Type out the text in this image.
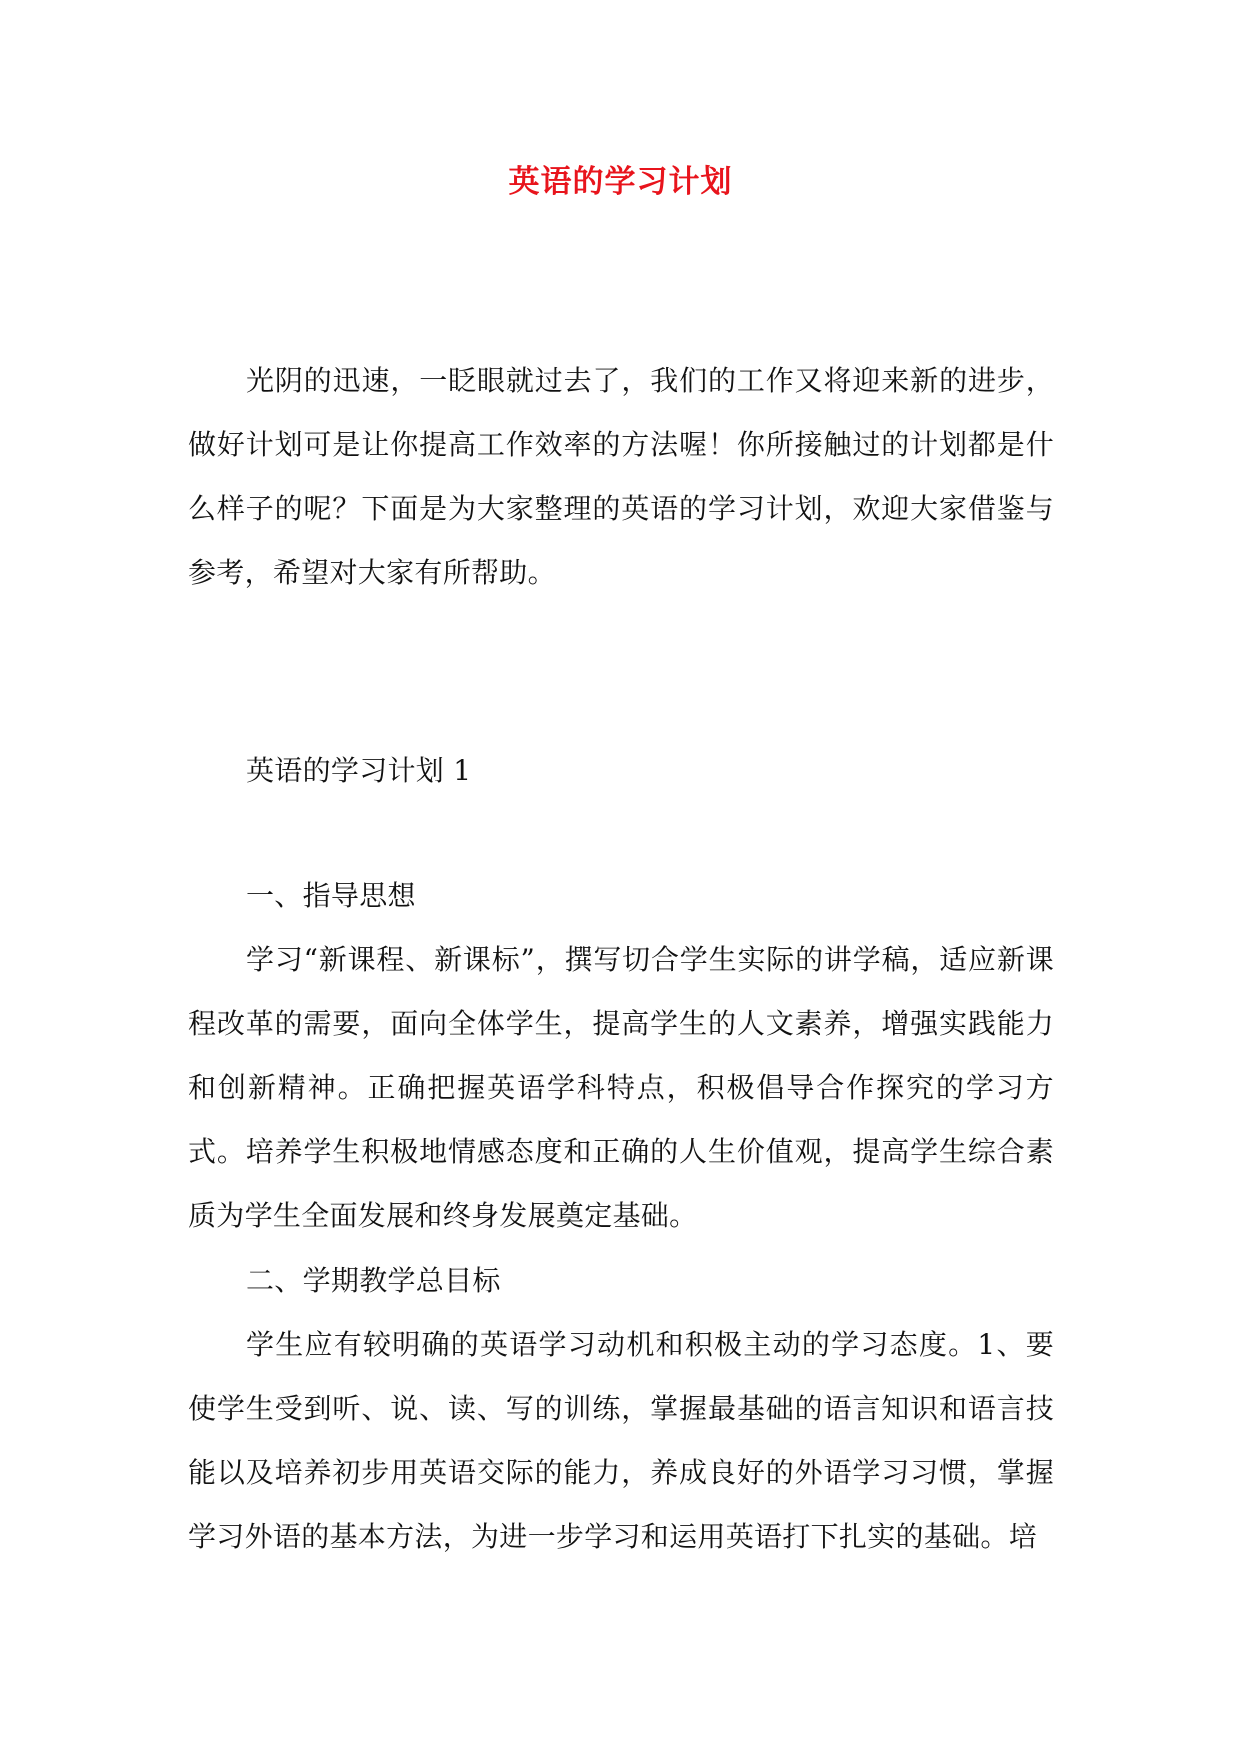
英语的学习计划

光阴的迅速，一眨眼就过去了，我们的工作又将迎来新的进步，做好计划可是让你提高工作效率的方法喔！你所接触过的计划都是什么样子的呢？下面是为大家整理的英语的学习计划，欢迎大家借鉴与参考，希望对大家有所帮助。

英语的学习计划 1

一、指导思想

学习“新课程、新课标”，撰写切合学生实际的讲学稿，适应新课程改革的需要，面向全体学生，提高学生的人文素养，增强实践能力和创新精神。正确把握英语学科特点，积极倡导合作探究的学习方式。培养学生积极地情感态度和正确的人生价值观，提高学生综合素质为学生全面发展和终身发展奠定基础。

二、学期教学总目标

学生应有较明确的英语学习动机和积极主动的学习态度。1、要使学生受到听、说、读、写的训练，掌握最基础的语言知识和语言技能以及培养初步用英语交际的能力，养成良好的外语学习习惯，掌握学习外语的基本方法，为进一步学习和运用英语打下扎实的基础。培
